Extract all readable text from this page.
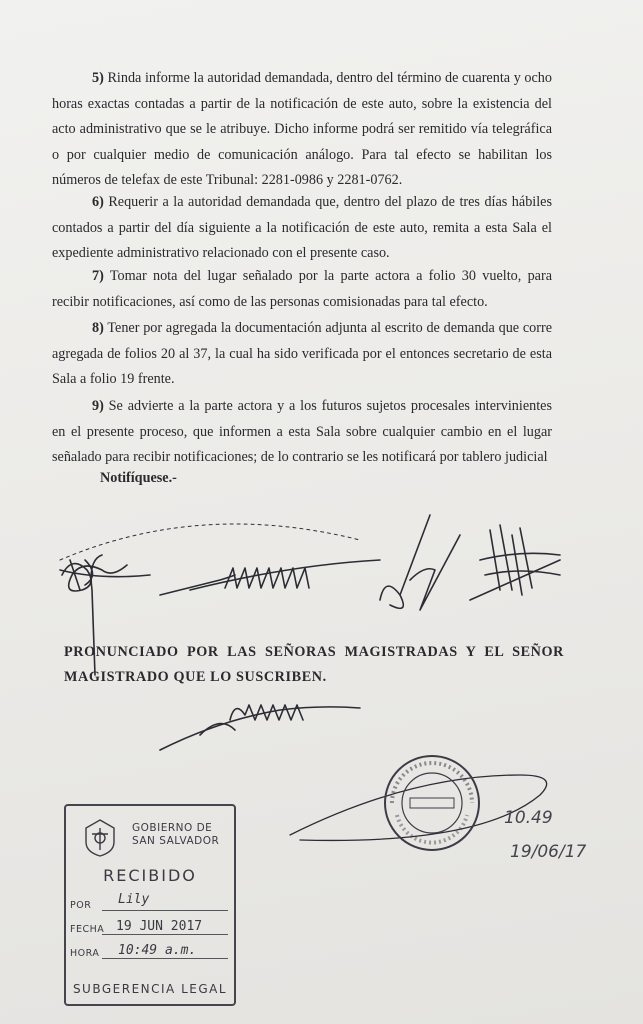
5) Rinda informe la autoridad demandada, dentro del término de cuarenta y ocho horas exactas contadas a partir de la notificación de este auto, sobre la existencia del acto administrativo que se le atribuye. Dicho informe podrá ser remitido vía telegráfica o por cualquier medio de comunicación análogo. Para tal efecto se habilitan los números de telefax de este Tribunal: 2281-0986 y 2281-0762.

6) Requerir a la autoridad demandada que, dentro del plazo de tres días hábiles contados a partir del día siguiente a la notificación de este auto, remita a esta Sala el expediente administrativo relacionado con el presente caso.

7) Tomar nota del lugar señalado por la parte actora a folio 30 vuelto, para recibir notificaciones, así como de las personas comisionadas para tal efecto.

8) Tener por agregada la documentación adjunta al escrito de demanda que corre agregada de folios 20 al 37, la cual ha sido verificada por el entonces secretario de esta Sala a folio 19 frente.

9) Se advierte a la parte actora y a los futuros sujetos procesales intervinientes en el presente proceso, que informen a esta Sala sobre cualquier cambio en el lugar señalado para recibir notificaciones; de lo contrario se les notificará por tablero judicial

Notifíquese.-

PRONUNCIADO POR LAS SEÑORAS MAGISTRADAS Y EL SEÑOR MAGISTRADO QUE LO SUSCRIBEN.

10.49
19/06/17
GOBIERNO DE
SAN SALVADOR
RECIBIDO
POR Lily
FECHA 19 JUN 2017
HORA 10:49 a.m.
SUBGERENCIA LEGAL
